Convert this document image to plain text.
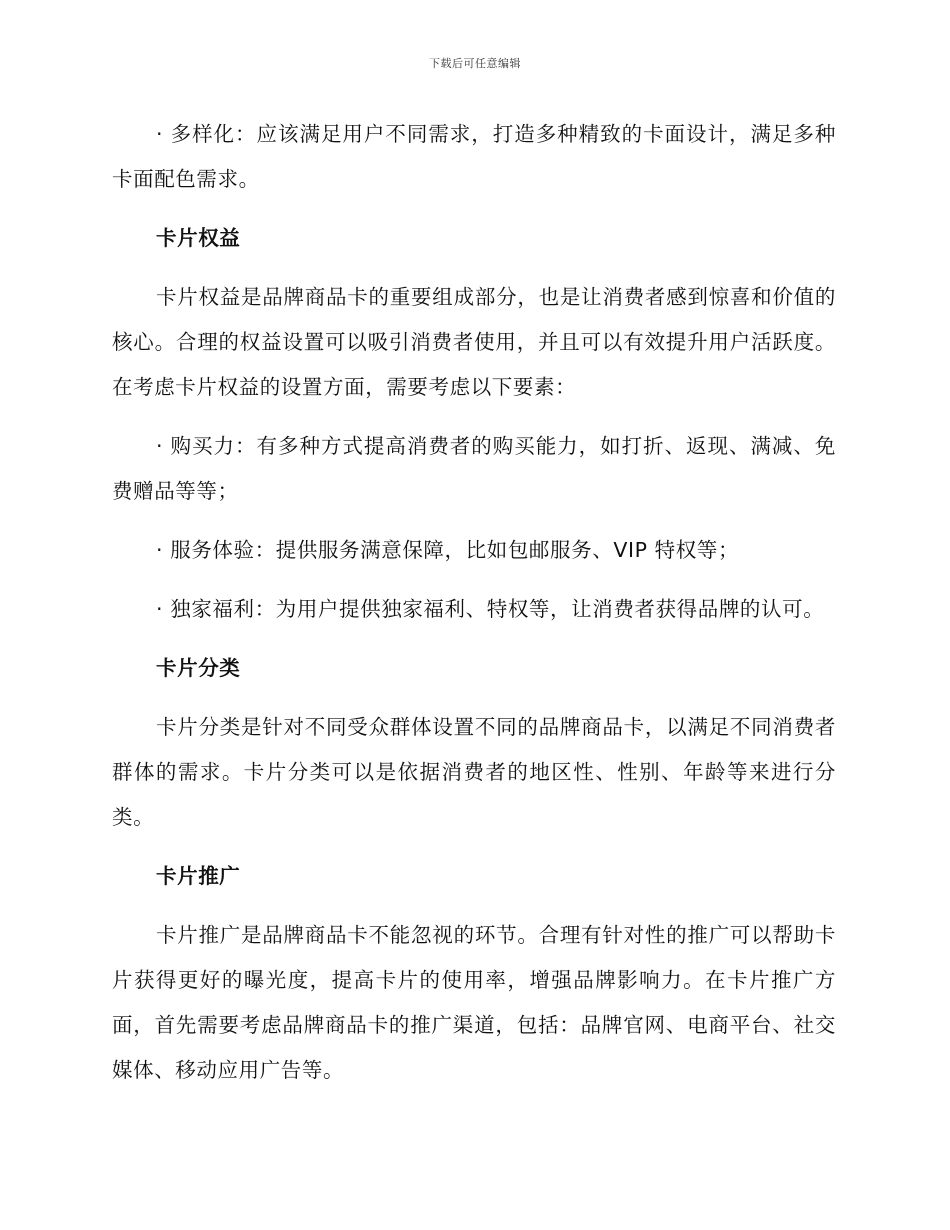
下载后可任意编辑

· 多样化：应该满足用户不同需求，打造多种精致的卡面设计，满足多种卡面配色需求。

卡片权益

卡片权益是品牌商品卡的重要组成部分，也是让消费者感到惊喜和价值的核心。合理的权益设置可以吸引消费者使用，并且可以有效提升用户活跃度。在考虑卡片权益的设置方面，需要考虑以下要素：

· 购买力：有多种方式提高消费者的购买能力，如打折、返现、满减、免费赠品等等；

· 服务体验：提供服务满意保障，比如包邮服务、VIP 特权等；

· 独家福利：为用户提供独家福利、特权等，让消费者获得品牌的认可。

卡片分类

卡片分类是针对不同受众群体设置不同的品牌商品卡，以满足不同消费者群体的需求。卡片分类可以是依据消费者的地区性、性别、年龄等来进行分类。

卡片推广

卡片推广是品牌商品卡不能忽视的环节。合理有针对性的推广可以帮助卡片获得更好的曝光度，提高卡片的使用率，增强品牌影响力。在卡片推广方面，首先需要考虑品牌商品卡的推广渠道，包括：品牌官网、电商平台、社交媒体、移动应用广告等。
